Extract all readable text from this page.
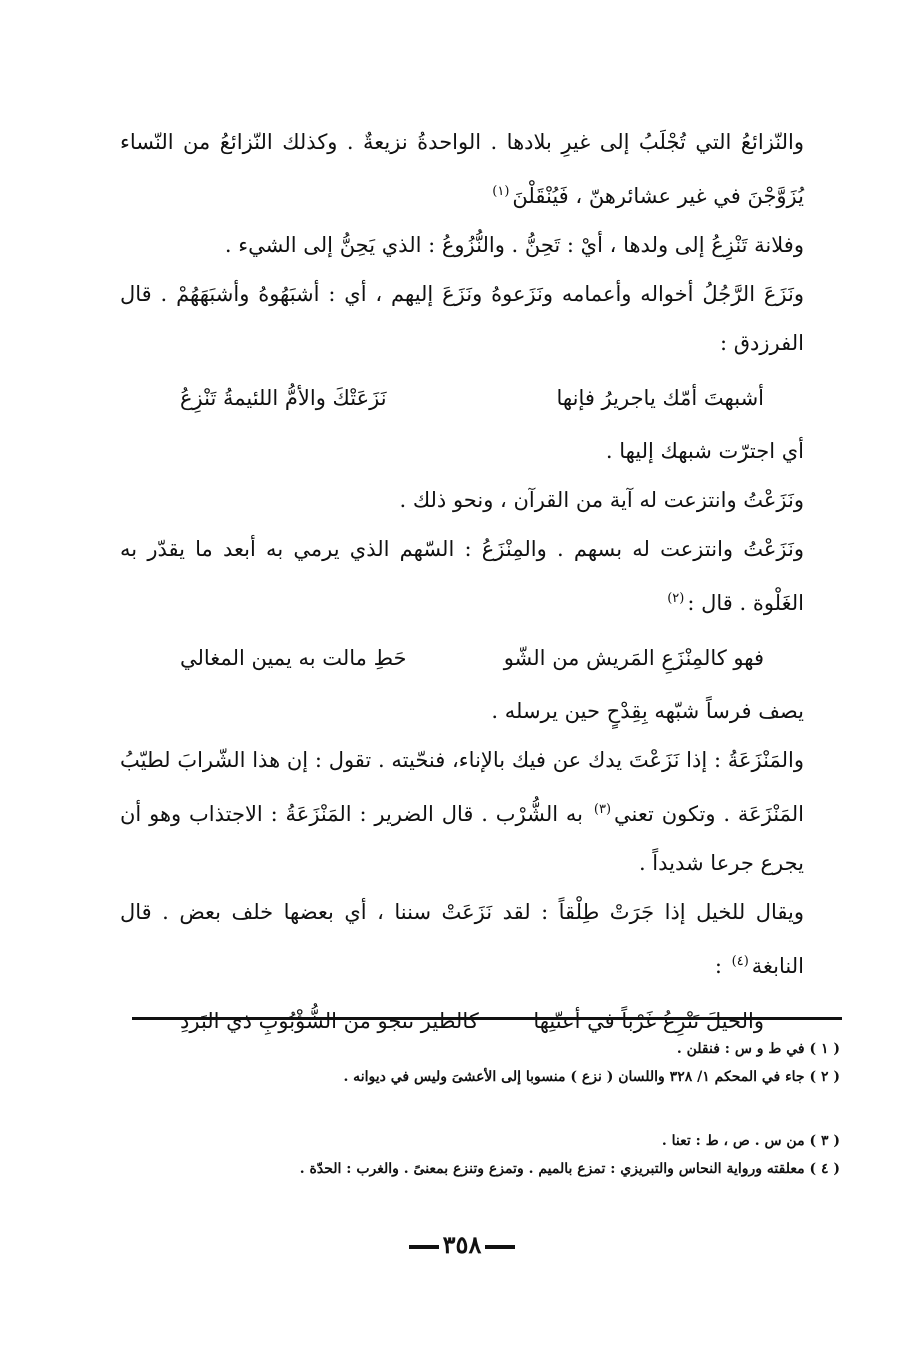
والنّزائعُ التي تُجْلَبُ إلى غيرِ بلادها . الواحدةُ نزيعةٌ . وكذلك النّزائعُ من النّساء يُزَوَّجْنَ في غير عشائرهنّ ، فَيُنْقَلْنَ$^{(١)}$

وفلانة تَنْزِعُ إلى ولدها ، أيْ : تَحِنُّ . والنُّزُوعُ : الذي يَحِنُّ إلى الشيء .

ونَزَعَ الرَّجُلُ أخواله وأعمامه ونَزَعوهُ ونَزَعَ إليهم ، أي : أشبَهُوهُ وأشبَهَهُمْ . قال الفرزدق :

أشبهتَ أمّك ياجريرُ فإنها
نَزَعَتْكَ والأمُّ اللئيمةُ تَنْزِعُ

أي اجترّت شبهك إليها .

ونَزَعْتُ وانتزعت له آية من القرآن ، ونحو ذلك .

ونَزَعْتُ وانتزعت له بسهم . والمِنْزَعُ : السّهم الذي يرمي به أبعد ما يقدّر به الغَلْوة . قال :$^{(٢)}$

فهو كالمِنْزَعِ المَريش من الشّو
حَطِ مالت به يمين المغالي

يصف فرساً شبّهه بِقِدْحٍ حين يرسله .

والمَنْزَعَةُ : إذا نَزَعْتَ يدك عن فيك بالإناء، فنحّيته . تقول : إن هذا الشّرابَ لطيّبُ المَنْزَعَة . وتكون تعني$^{(٣)}$ به الشُّرْب . قال الضرير : المَنْزَعَةُ : الاجتذاب وهو أن يجرع جرعا شديداً .

ويقال للخيل إذا جَرَتْ طِلْقاً : لقد نَزَعَتْ سننا ، أي بعضها خلف بعض . قال النابغة$^{(٤)}$ :

والخيلَ تَنْزِعُ غَرْباً في أعنّتِها
كالطير تنجو من الشُّؤْبُوبِ ذي البَرَدِ
( ١ ) في ط و س : فنقلن .
( ٢ ) جاء في المحكم ١/ ٣٢٨ واللسان ( نزع ) منسوبا إلى الأعشىَ وليس في ديوانه .
( ٣ ) من س . ص ، ط : تعنا .
( ٤ ) معلقته ورواية النحاس والتبريزي : تمزع بالميم . وتمزع وتنزع بمعنىً . والغرب : الحدّة .
٣٥٨
